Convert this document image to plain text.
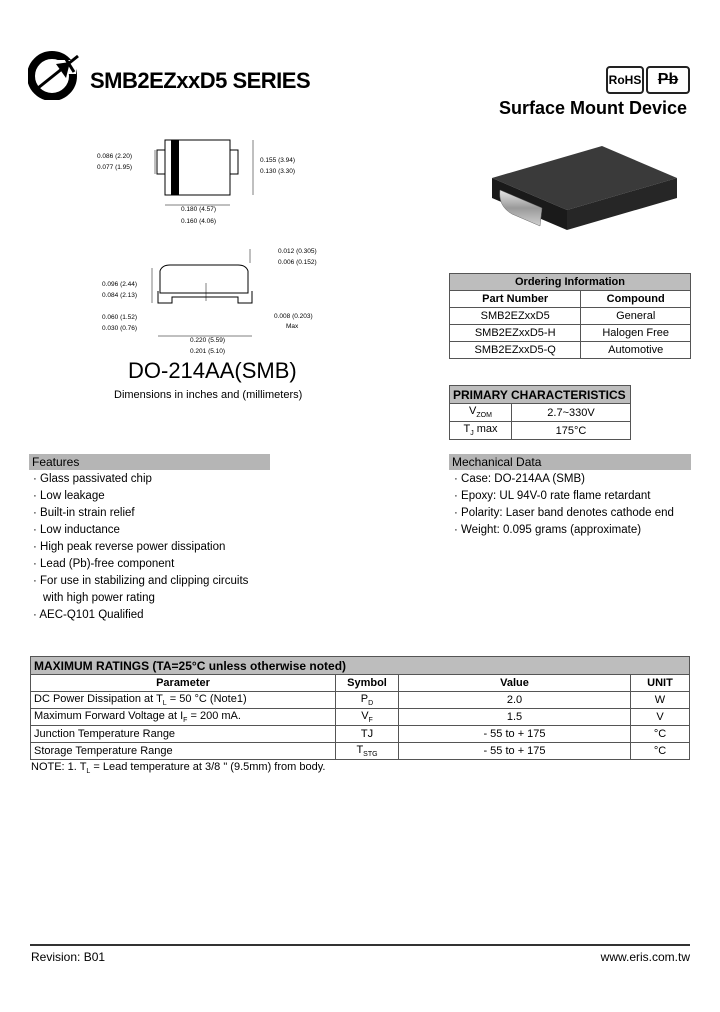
SMB2EZxxD5 SERIES	RoHS Pb
Surface Mount Device
0.086 (2.20)
0.077 (1.95)
0.155 (3.94)
0.130 (3.30)
0.180 (4.57)
0.160 (4.06)
0.096 (2.44)
0.084 (2.13)
0.012 (0.305)
0.006 (0.152)
0.060 (1.52)
0.030 (0.76)
0.008 (0.203)
Max
0.220 (5.59)
0.201 (5.10)
DO-214AA(SMB)
Dimensions in inches and (millimeters)
Ordering Information	
Part Number	Compound
SMB2EZxxD5	General
SMB2EZxxD5-H	Halogen Free
SMB2EZxxD5-Q	Automotive
PRIMARY CHARACTERISTICS	
$V_{ZOM}$	2.7~330V
$T_J$ max	175°C
Features
· Glass passivated chip
· Low leakage
· Built-in strain relief
· Low inductance
· High peak reverse power dissipation
· Lead (Pb)-free component
· For use in stabilizing and clipping circuits
with high power rating
· AEC-Q101 Qualified
Mechanical Data
· Case: DO-214AA (SMB)
· Epoxy: UL 94V-0 rate flame retardant
· Polarity: Laser band denotes cathode end
· Weight: 0.095 grams (approximate)
MAXIMUM RATINGS (TA=25°C unless otherwise noted)			
Parameter	Symbol	Value	UNIT
DC Power Dissipation at $T_L = 50$ °C (Note1)	$P_D$	2.0	W
Maximum Forward Voltage at $I_F = 200$ mA.	$V_F$	1.5	V
Junction Temperature Range	TJ	- 55 to + 175	°C
Storage Temperature Range	$T_{STG}$	- 55 to + 175	°C
NOTE: 1. $T_L$ = Lead temperature at 3/8 " (9.5mm) from body.
Revision: B01	www.eris.com.tw
